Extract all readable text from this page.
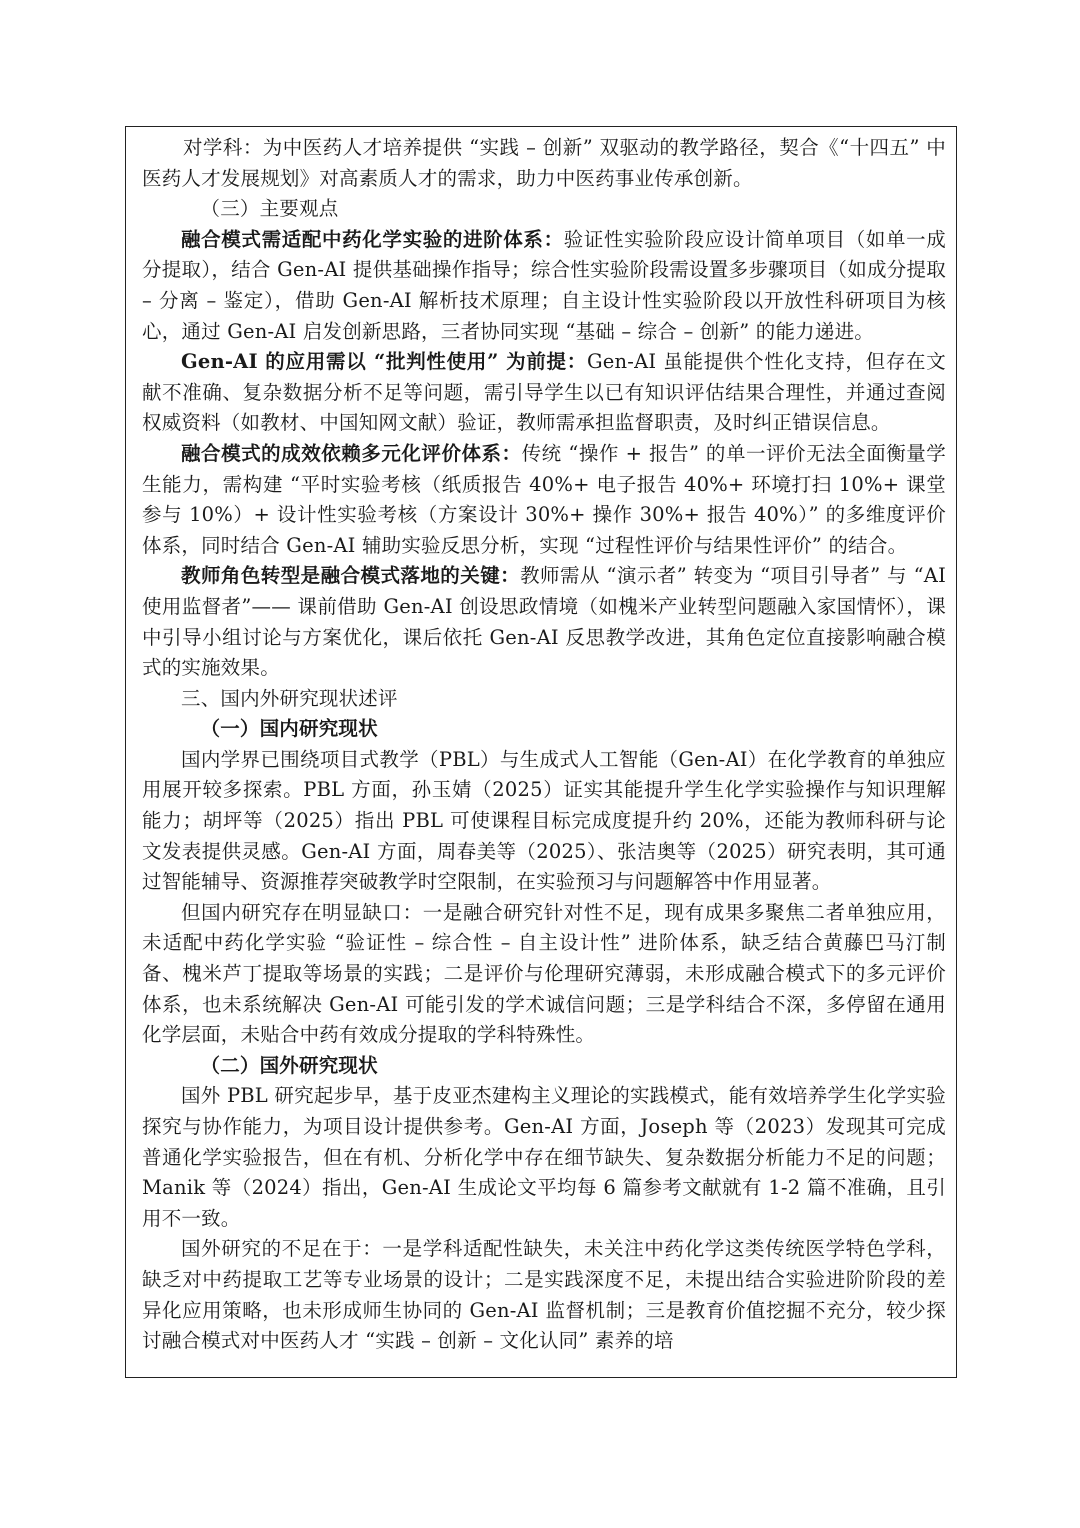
对学科：为中医药人才培养提供 “实践 – 创新” 双驱动的教学路径，契合《“十四五” 中医药人才发展规划》对高素质人才的需求，助力中医药事业传承创新。

（三）主要观点

融合模式需适配中药化学实验的进阶体系：验证性实验阶段应设计简单项目（如单一成分提取），结合 Gen-AI 提供基础操作指导；综合性实验阶段需设置多步骤项目（如成分提取 – 分离 – 鉴定），借助 Gen-AI 解析技术原理；自主设计性实验阶段以开放性科研项目为核心，通过 Gen-AI 启发创新思路，三者协同实现 “基础 – 综合 – 创新” 的能力递进。

Gen-AI 的应用需以 “批判性使用” 为前提：Gen-AI 虽能提供个性化支持，但存在文献不准确、复杂数据分析不足等问题，需引导学生以已有知识评估结果合理性，并通过查阅权威资料（如教材、中国知网文献）验证，教师需承担监督职责，及时纠正错误信息。

融合模式的成效依赖多元化评价体系：传统 “操作 + 报告” 的单一评价无法全面衡量学生能力，需构建 “平时实验考核（纸质报告 40%+ 电子报告 40%+ 环境打扫 10%+ 课堂参与 10%）+ 设计性实验考核（方案设计 30%+ 操作 30%+ 报告 40%）” 的多维度评价体系，同时结合 Gen-AI 辅助实验反思分析，实现 “过程性评价与结果性评价” 的结合。

教师角色转型是融合模式落地的关键：教师需从 “演示者” 转变为 “项目引导者” 与 “AI 使用监督者”—— 课前借助 Gen-AI 创设思政情境（如槐米产业转型问题融入家国情怀），课中引导小组讨论与方案优化，课后依托 Gen-AI 反思教学改进，其角色定位直接影响融合模式的实施效果。

三、国内外研究现状述评

（一）国内研究现状

国内学界已围绕项目式教学（PBL）与生成式人工智能（Gen-AI）在化学教育的单独应用展开较多探索。PBL 方面，孙玉婧（2025）证实其能提升学生化学实验操作与知识理解能力；胡坪等（2025）指出 PBL 可使课程目标完成度提升约 20%，还能为教师科研与论文发表提供灵感。Gen-AI 方面，周春美等（2025）、张洁奥等（2025）研究表明，其可通过智能辅导、资源推荐突破教学时空限制，在实验预习与问题解答中作用显著。

但国内研究存在明显缺口：一是融合研究针对性不足，现有成果多聚焦二者单独应用，未适配中药化学实验 “验证性 – 综合性 – 自主设计性” 进阶体系，缺乏结合黄藤巴马汀制备、槐米芦丁提取等场景的实践；二是评价与伦理研究薄弱，未形成融合模式下的多元评价体系，也未系统解决 Gen-AI 可能引发的学术诚信问题；三是学科结合不深，多停留在通用化学层面，未贴合中药有效成分提取的学科特殊性。

（二）国外研究现状

国外 PBL 研究起步早，基于皮亚杰建构主义理论的实践模式，能有效培养学生化学实验探究与协作能力，为项目设计提供参考。Gen-AI 方面，Joseph 等（2023）发现其可完成普通化学实验报告，但在有机、分析化学中存在细节缺失、复杂数据分析能力不足的问题；Manik 等（2024）指出，Gen-AI 生成论文平均每 6 篇参考文献就有 1-2 篇不准确，且引用不一致。

国外研究的不足在于：一是学科适配性缺失，未关注中药化学这类传统医学特色学科，缺乏对中药提取工艺等专业场景的设计；二是实践深度不足，未提出结合实验进阶阶段的差异化应用策略，也未形成师生协同的 Gen-AI 监督机制；三是教育价值挖掘不充分，较少探讨融合模式对中医药人才 “实践 – 创新 – 文化认同” 素养的培
